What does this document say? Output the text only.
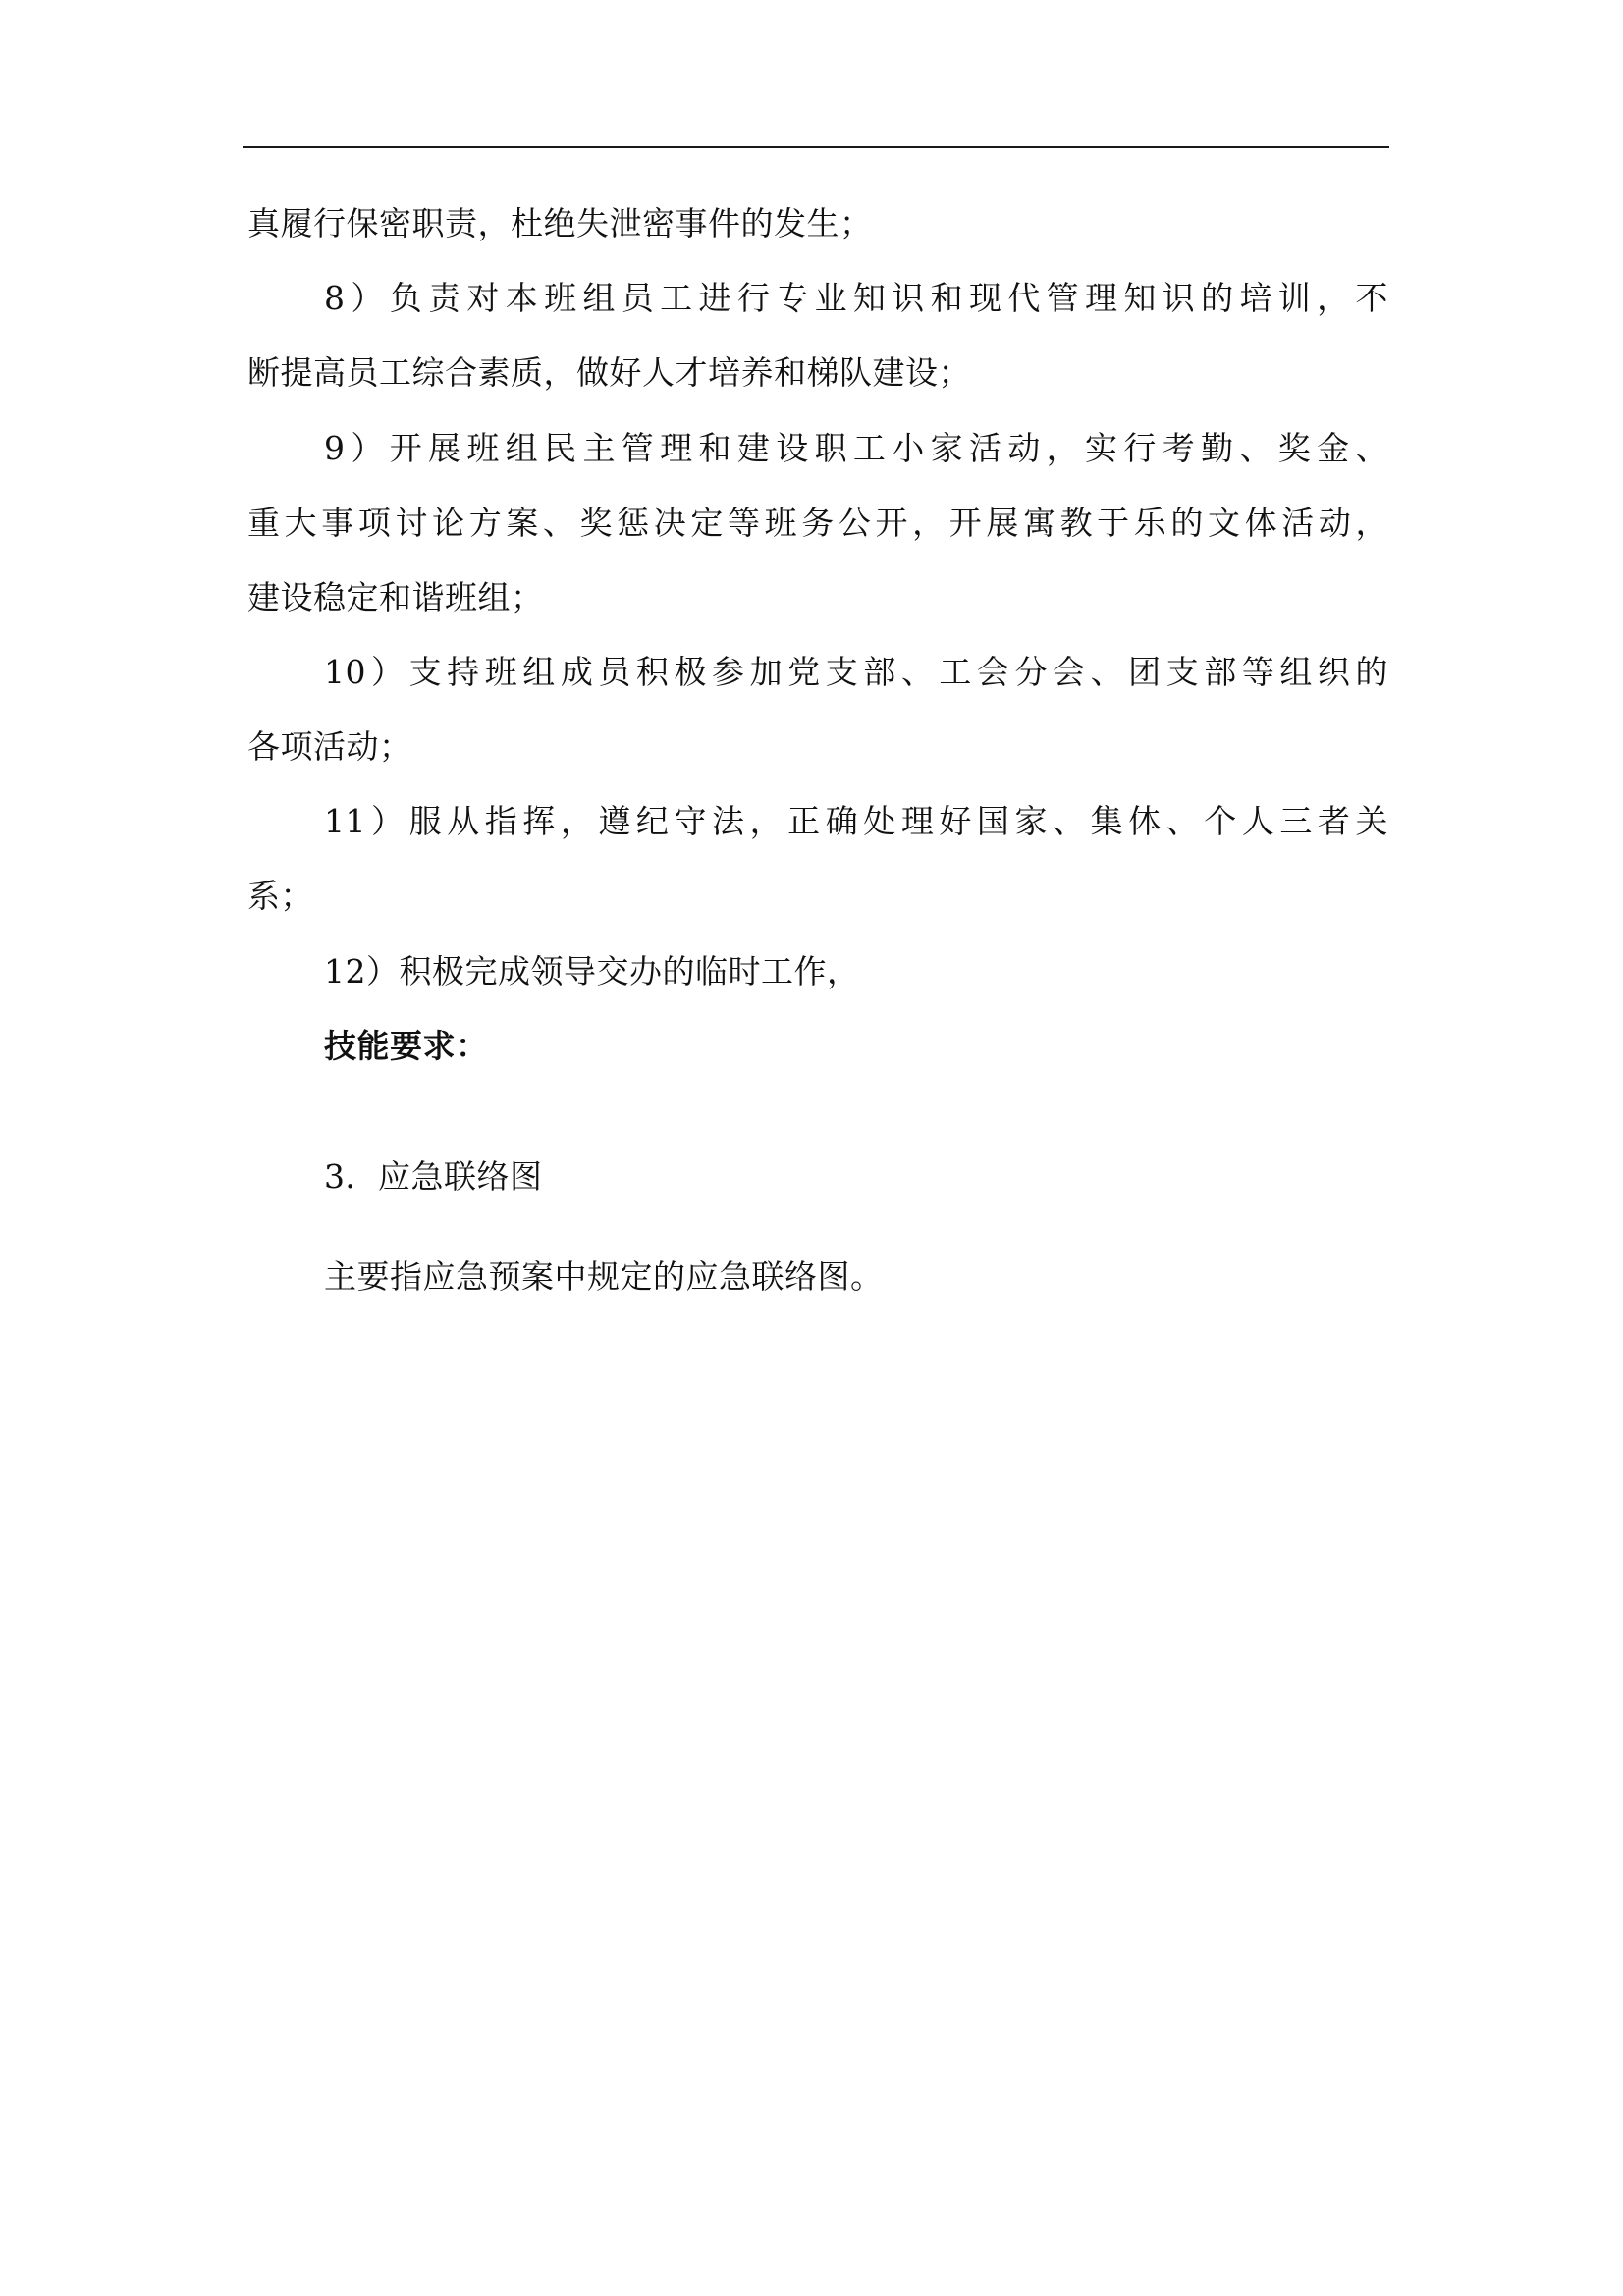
真履行保密职责，杜绝失泄密事件的发生；
8）负责对本班组员工进行专业知识和现代管理知识的培训，不
断提高员工综合素质，做好人才培养和梯队建设；
9）开展班组民主管理和建设职工小家活动，实行考勤、奖金、
重大事项讨论方案、奖惩决定等班务公开，开展寓教于乐的文体活动，
建设稳定和谐班组；
10）支持班组成员积极参加党支部、工会分会、团支部等组织的
各项活动；
11）服从指挥，遵纪守法，正确处理好国家、集体、个人三者关
系；
12）积极完成领导交办的临时工作，
技能要求：
3．应急联络图
主要指应急预案中规定的应急联络图。
